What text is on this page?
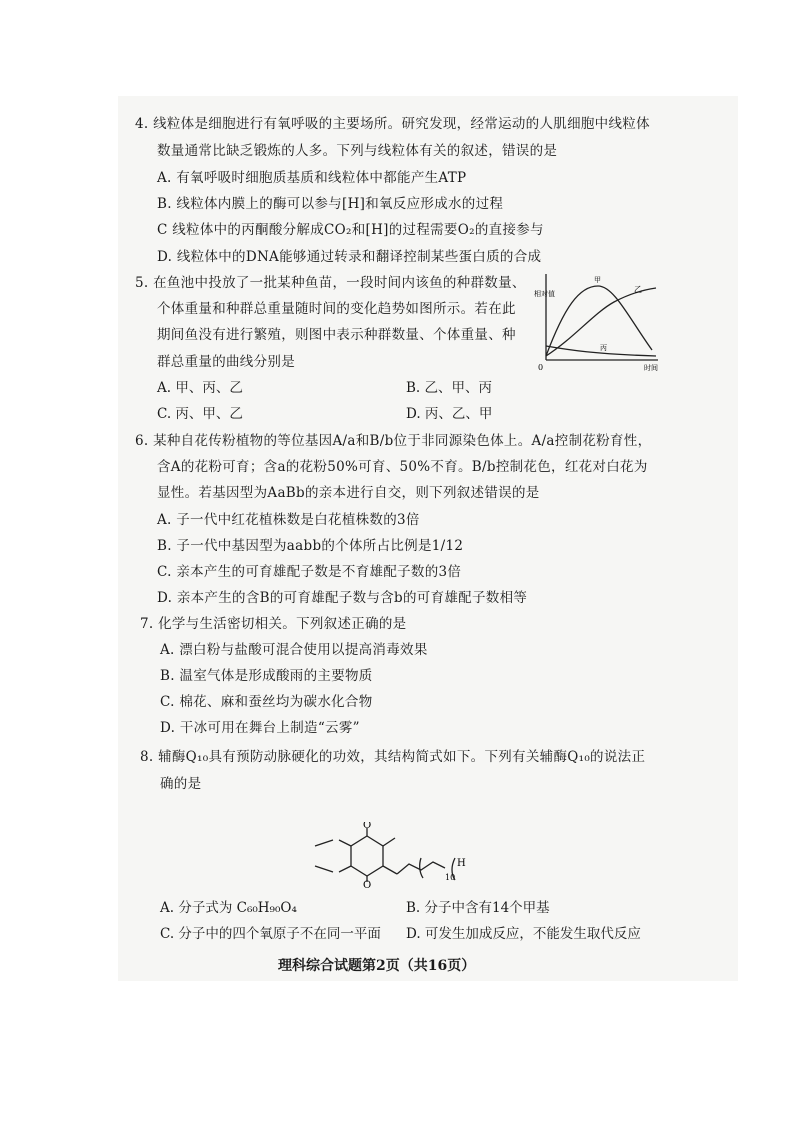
4. 线粒体是细胞进行有氧呼吸的主要场所。研究发现，经常运动的人肌细胞中线粒体
数量通常比缺乏锻炼的人多。下列与线粒体有关的叙述，错误的是
A. 有氧呼吸时细胞质基质和线粒体中都能产生ATP
B. 线粒体内膜上的酶可以参与[H]和氧反应形成水的过程
C 线粒体中的丙酮酸分解成CO₂和[H]的过程需要O₂的直接参与
D. 线粒体中的DNA能够通过转录和翻译控制某些蛋白质的合成
5. 在鱼池中投放了一批某种鱼苗，一段时间内该鱼的种群数量、
个体重量和种群总重量随时间的变化趋势如图所示。若在此
期间鱼没有进行繁殖，则图中表示种群数量、个体重量、种
群总重量的曲线分别是
A. 甲、丙、乙	B. 乙、甲、丙
C. 丙、甲、乙	D. 丙、乙、甲
相对值
时间
0
甲
乙
丙
6. 某种自花传粉植物的等位基因A/a和B/b位于非同源染色体上。A/a控制花粉育性，
含A的花粉可育；含a的花粉50%可育、50%不育。B/b控制花色，红花对白花为
显性。若基因型为AaBb的亲本进行自交，则下列叙述错误的是
A. 子一代中红花植株数是白花植株数的3倍
B. 子一代中基因型为aabb的个体所占比例是1/12
C. 亲本产生的可育雄配子数是不育雄配子数的3倍
D. 亲本产生的含B的可育雄配子数与含b的可育雄配子数相等
7. 化学与生活密切相关。下列叙述正确的是
A. 漂白粉与盐酸可混合使用以提高消毒效果
B. 温室气体是形成酸雨的主要物质
C. 棉花、麻和蚕丝均为碳水化合物
D. 干冰可用在舞台上制造“云雾”
8. 辅酶Q₁₀具有预防动脉硬化的功效，其结构简式如下。下列有关辅酶Q₁₀的说法正
确的是
O
O
H
10
A. 分子式为 C₆₀H₉₀O₄	B. 分子中含有14个甲基
C. 分子中的四个氧原子不在同一平面 D. 可发生加成反应，不能发生取代反应
理科综合试题第2页（共16页）
